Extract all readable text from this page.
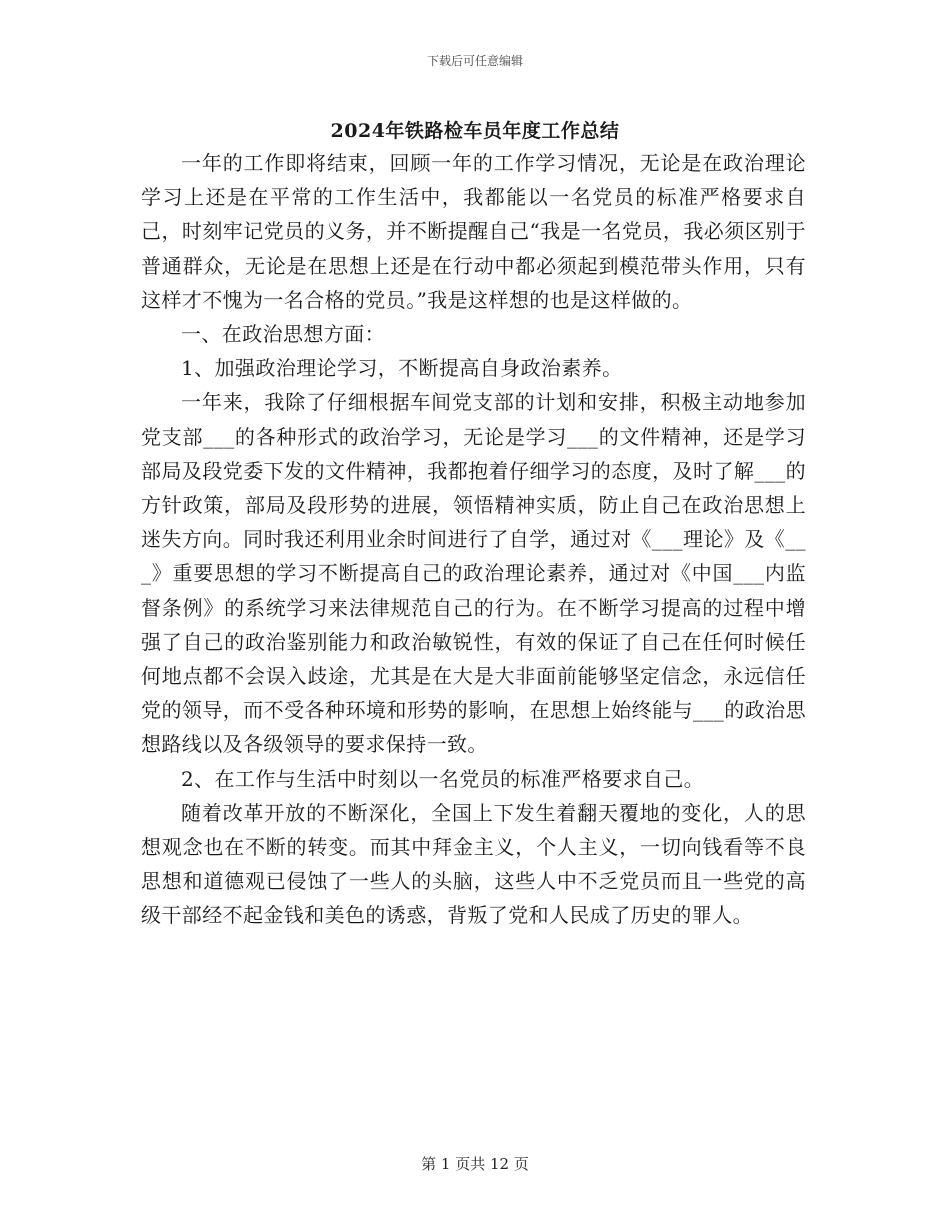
下载后可任意编辑
2024年铁路检车员年度工作总结

一年的工作即将结束，回顾一年的工作学习情况，无论是在政治理论学习上还是在平常的工作生活中，我都能以一名党员的标准严格要求自己，时刻牢记党员的义务，并不断提醒自己“我是一名党员，我必须区别于普通群众，无论是在思想上还是在行动中都必须起到模范带头作用，只有这样才不愧为一名合格的党员。”我是这样想的也是这样做的。

一、在政治思想方面：

1、加强政治理论学习，不断提高自身政治素养。

一年来，我除了仔细根据车间党支部的计划和安排，积极主动地参加党支部___的各种形式的政治学习，无论是学习___的文件精神，还是学习部局及段党委下发的文件精神，我都抱着仔细学习的态度，及时了解___的方针政策，部局及段形势的进展，领悟精神实质，防止自己在政治思想上迷失方向。同时我还利用业余时间进行了自学，通过对《___理论》及《___》重要思想的学习不断提高自己的政治理论素养，通过对《中国___内监督条例》的系统学习来法律规范自己的行为。在不断学习提高的过程中增强了自己的政治鉴别能力和政治敏锐性，有效的保证了自己在任何时候任何地点都不会误入歧途，尤其是在大是大非面前能够坚定信念，永远信任党的领导，而不受各种环境和形势的影响，在思想上始终能与___的政治思想路线以及各级领导的要求保持一致。

2、在工作与生活中时刻以一名党员的标准严格要求自己。

随着改革开放的不断深化，全国上下发生着翻天覆地的变化，人的思想观念也在不断的转变。而其中拜金主义，个人主义，一切向钱看等不良思想和道德观已侵蚀了一些人的头脑，这些人中不乏党员而且一些党的高级干部经不起金钱和美色的诱惑，背叛了党和人民成了历史的罪人。

第 1 页共 12 页
